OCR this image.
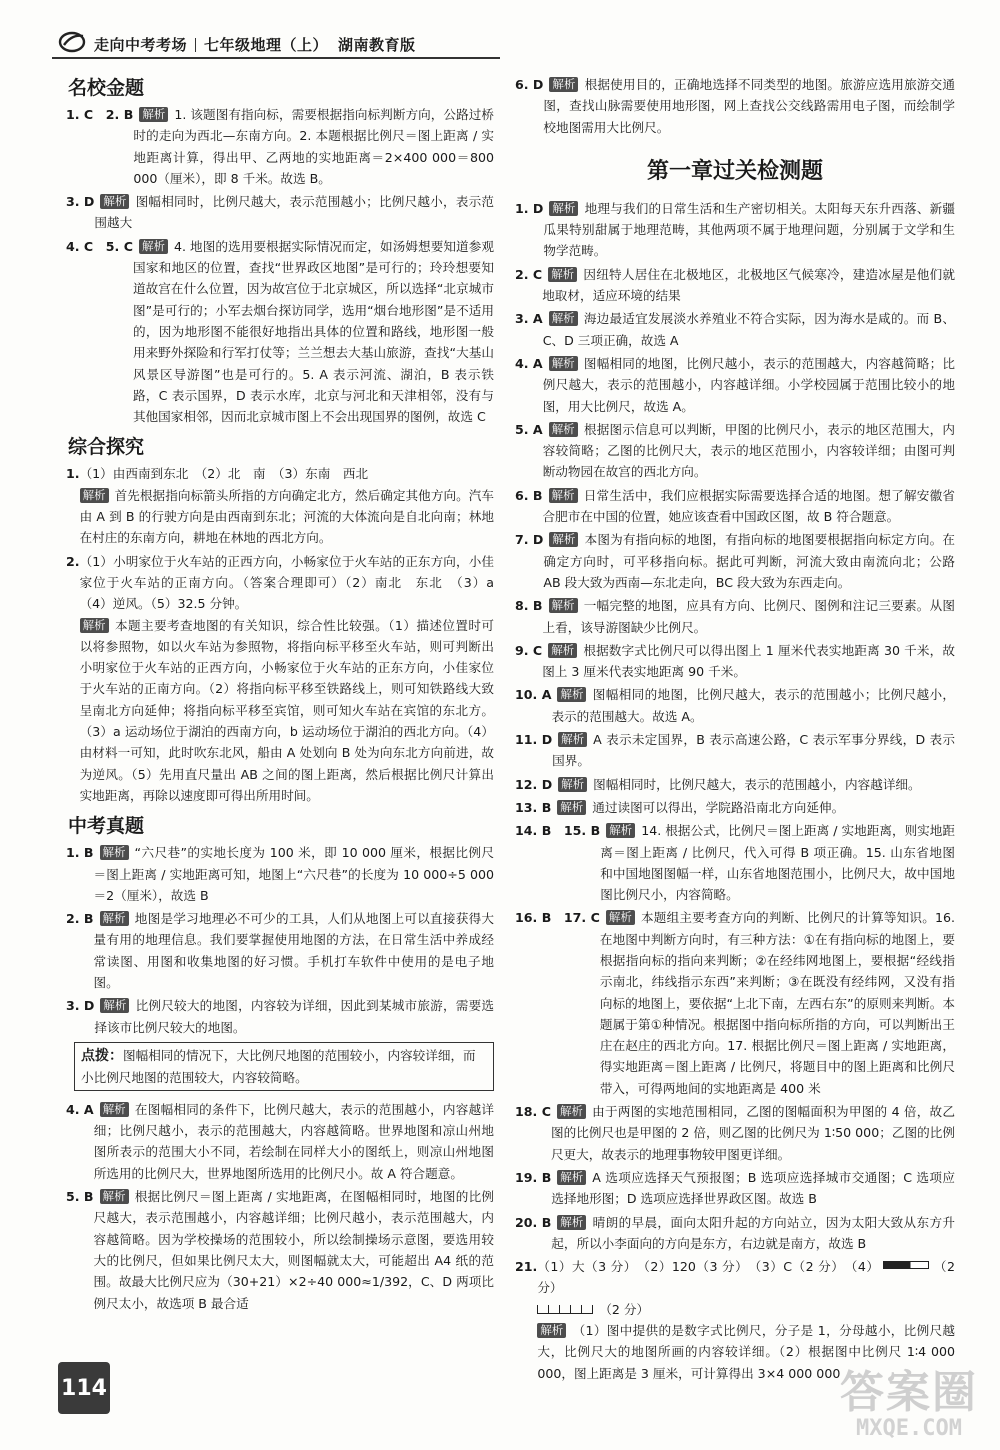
走向中考考场 七年级地理（上） 湖南教育版
名校金题
1. C　2. B 解析 1. 该题图有指向标，需要根据指向标判断方向，公路过桥时的走向为西北—东南方向。2. 本题根据比例尺＝图上距离 / 实地距离计算，得出甲、乙两地的实地距离＝2×400 000＝800 000（厘米），即 8 千米。故选 B。
3. D 解析 图幅相同时，比例尺越大，表示范围越小；比例尺越小，表示范围越大
4. C　5. C 解析 4. 地图的选用要根据实际情况而定，如汤姆想要知道参观国家和地区的位置，查找“世界政区地图”是可行的；玲玲想要知道故宫在什么位置，因为故宫位于北京城区，所以选择“北京城市图”是可行的；小军去烟台探访同学，选用“烟台地形图”是不适用的，因为地形图不能很好地指出具体的位置和路线，地形图一般用来野外探险和行军打仗等；兰兰想去大基山旅游，查找“大基山风景区导游图”也是可行的。5. A 表示河流、湖泊，B 表示铁路，C 表示国界，D 表示水库，北京与河北和天津相邻，没有与其他国家相邻，因而北京城市图上不会出现国界的图例，故选 C
综合探究
1. （1）由西南到东北　（2）北　南　（3）东南　西北
解析 首先根据指向标箭头所指的方向确定北方，然后确定其他方向。汽车由 A 到 B 的行驶方向是由西南到东北；河流的大体流向是自北向南；林地在村庄的东南方向，耕地在林地的西北方向。
2. （1）小明家位于火车站的正西方向，小畅家位于火车站的正东方向，小佳家位于火车站的正南方向。（答案合理即可）（2）南北　东北　（3）a　（4）逆风。（5）32.5 分钟。
解析 本题主要考查地图的有关知识，综合性比较强。（1）描述位置时可以将参照物，如以火车站为参照物，将指向标平移至火车站，则可判断出小明家位于火车站的正西方向，小畅家位于火车站的正东方向，小佳家位于火车站的正南方向。（2）将指向标平移至铁路线上，则可知铁路线大致呈南北方向延伸；将指向标平移至宾馆，则可知火车站在宾馆的东北方。（3）a 运动场位于湖泊的西南方向，b 运动场位于湖泊的西北方向。（4）由材料一可知，此时吹东北风，船由 A 处划向 B 处为向东北方向前进，故为逆风。（5）先用直尺量出 AB 之间的图上距离，然后根据比例尺计算出实地距离，再除以速度即可得出所用时间。
中考真题
1. B 解析 “六尺巷”的实地长度为 100 米，即 10 000 厘米，根据比例尺＝图上距离 / 实地距离可知，地图上“六尺巷”的长度为 10 000÷5 000＝2（厘米），故选 B
2. B 解析 地图是学习地理必不可少的工具，人们从地图上可以直接获得大量有用的地理信息。我们要掌握使用地图的方法，在日常生活中养成经常读图、用图和收集地图的好习惯。手机打车软件中使用的是电子地图。
3. D 解析 比例尺较大的地图，内容较为详细，因此到某城市旅游，需要选择该市比例尺较大的地图。
点拨：图幅相同的情况下，大比例尺地图的范围较小，内容较详细，而小比例尺地图的范围较大，内容较简略。
4. A 解析 在图幅相同的条件下，比例尺越大，表示的范围越小，内容越详细；比例尺越小，表示的范围越大，内容越简略。世界地图和凉山州地图所表示的范围大小不同，若绘制在同样大小的图纸上，则凉山州地图所选用的比例尺大，世界地图所选用的比例尺小。故 A 符合题意。
5. B 解析 根据比例尺＝图上距离 / 实地距离，在图幅相同时，地图的比例尺越大，表示范围越小，内容越详细；比例尺越小，表示范围越大，内容越简略。因为学校操场的范围较小，所以绘制操场示意图，要选用较大的比例尺，但如果比例尺太大，则图幅就太大，可能超出 A4 纸的范围。故最大比例尺应为（30+21）×2÷40 000≈1/392，C、D 两项比例尺太小，故选项 B 最合适
6. D 解析 根据使用目的，正确地选择不同类型的地图。旅游应选用旅游交通图，查找山脉需要使用地形图，网上查找公交线路需用电子图，而绘制学校地图需用大比例尺。
第一章过关检测题
1. D 解析 地理与我们的日常生活和生产密切相关。太阳每天东升西落、新疆瓜果特别甜属于地理范畴，其他两项不属于地理问题，分别属于文学和生物学范畴。
2. C 解析 因纽特人居住在北极地区，北极地区气候寒冷，建造冰屋是他们就地取材，适应环境的结果
3. A 解析 海边最适宜发展淡水养殖业不符合实际，因为海水是咸的。而 B、C、D 三项正确，故选 A
4. A 解析 图幅相同的地图，比例尺越小，表示的范围越大，内容越简略；比例尺越大，表示的范围越小，内容越详细。小学校园属于范围比较小的地图，用大比例尺，故选 A。
5. A 解析 根据图示信息可以判断，甲图的比例尺小，表示的地区范围大，内容较简略；乙图的比例尺大，表示的地区范围小，内容较详细；由图可判断动物园在故宫的西北方向。
6. B 解析 日常生活中，我们应根据实际需要选择合适的地图。想了解安徽省合肥市在中国的位置，她应该查看中国政区图，故 B 符合题意。
7. D 解析 本图为有指向标的地图，有指向标的地图要根据指向标定方向。在确定方向时，可平移指向标。据此可判断，河流大致由南流向北；公路 AB 段大致为西南—东北走向，BC 段大致为东西走向。
8. B 解析 一幅完整的地图，应具有方向、比例尺、图例和注记三要素。从图上看，该导游图缺少比例尺。
9. C 解析 根据数字式比例尺可以得出图上 1 厘米代表实地距离 30 千米，故图上 3 厘米代表实地距离 90 千米。
10. A 解析 图幅相同的地图，比例尺越大，表示的范围越小；比例尺越小，表示的范围越大。故选 A。
11. D 解析 A 表示未定国界，B 表示高速公路，C 表示军事分界线，D 表示国界。
12. D 解析 图幅相同时，比例尺越大，表示的范围越小，内容越详细。
13. B 解析 通过读图可以得出，学院路沿南北方向延伸。
14. B　15. B 解析 14. 根据公式，比例尺＝图上距离 / 实地距离，则实地距离＝图上距离 / 比例尺，代入可得 B 项正确。15. 山东省地图和中国地图图幅一样，山东省地图范围小，比例尺大，故中国地图比例尺小，内容简略。
16. B　17. C 解析 本题组主要考查方向的判断、比例尺的计算等知识。16. 在地图中判断方向时，有三种方法：①在有指向标的地图上，要根据指向标的指向来判断；②在经纬网地图上，要根据“经线指示南北，纬线指示东西”来判断；③在既没有经纬网，又没有指向标的地图上，要依据“上北下南，左西右东”的原则来判断。本题属于第①种情况。根据图中指向标所指的方向，可以判断出王庄在赵庄的西北方向。17. 根据比例尺＝图上距离 / 实地距离，得实地距离＝图上距离 / 比例尺，将题目中的图上距离和比例尺带入，可得两地间的实地距离是 400 米
18. C 解析 由于两图的实地范围相同，乙图的图幅面积为甲图的 4 倍，故乙图的比例尺也是甲图的 2 倍，则乙图的比例尺为 1∶50 000；乙图的比例尺更大，故表示的地理事物较甲图更详细。
19. B 解析 A 选项应选择天气预报图；B 选项应选择城市交通图；C 选项应选择地形图；D 选项应选择世界政区图。故选 B
20. B 解析 晴朗的早晨，面向太阳升起的方向站立，因为太阳大致从东方升起，所以小李面向的方向是东方，右边就是南方，故选 B
21. （1）大（3 分）　（2）120（3 分）　（3）C（2 分）　（4）	（2 分）
（2 分）
解析 （1）图中提供的是数字式比例尺，分子是 1，分母越小，比例尺越大，比例尺大的地图所画的内容较详细。（2）根据图中比例尺 1∶4 000 000，图上距离是 3 厘米，可计算得出 3×4 000 000
114	答案圈
MXQE.COM
